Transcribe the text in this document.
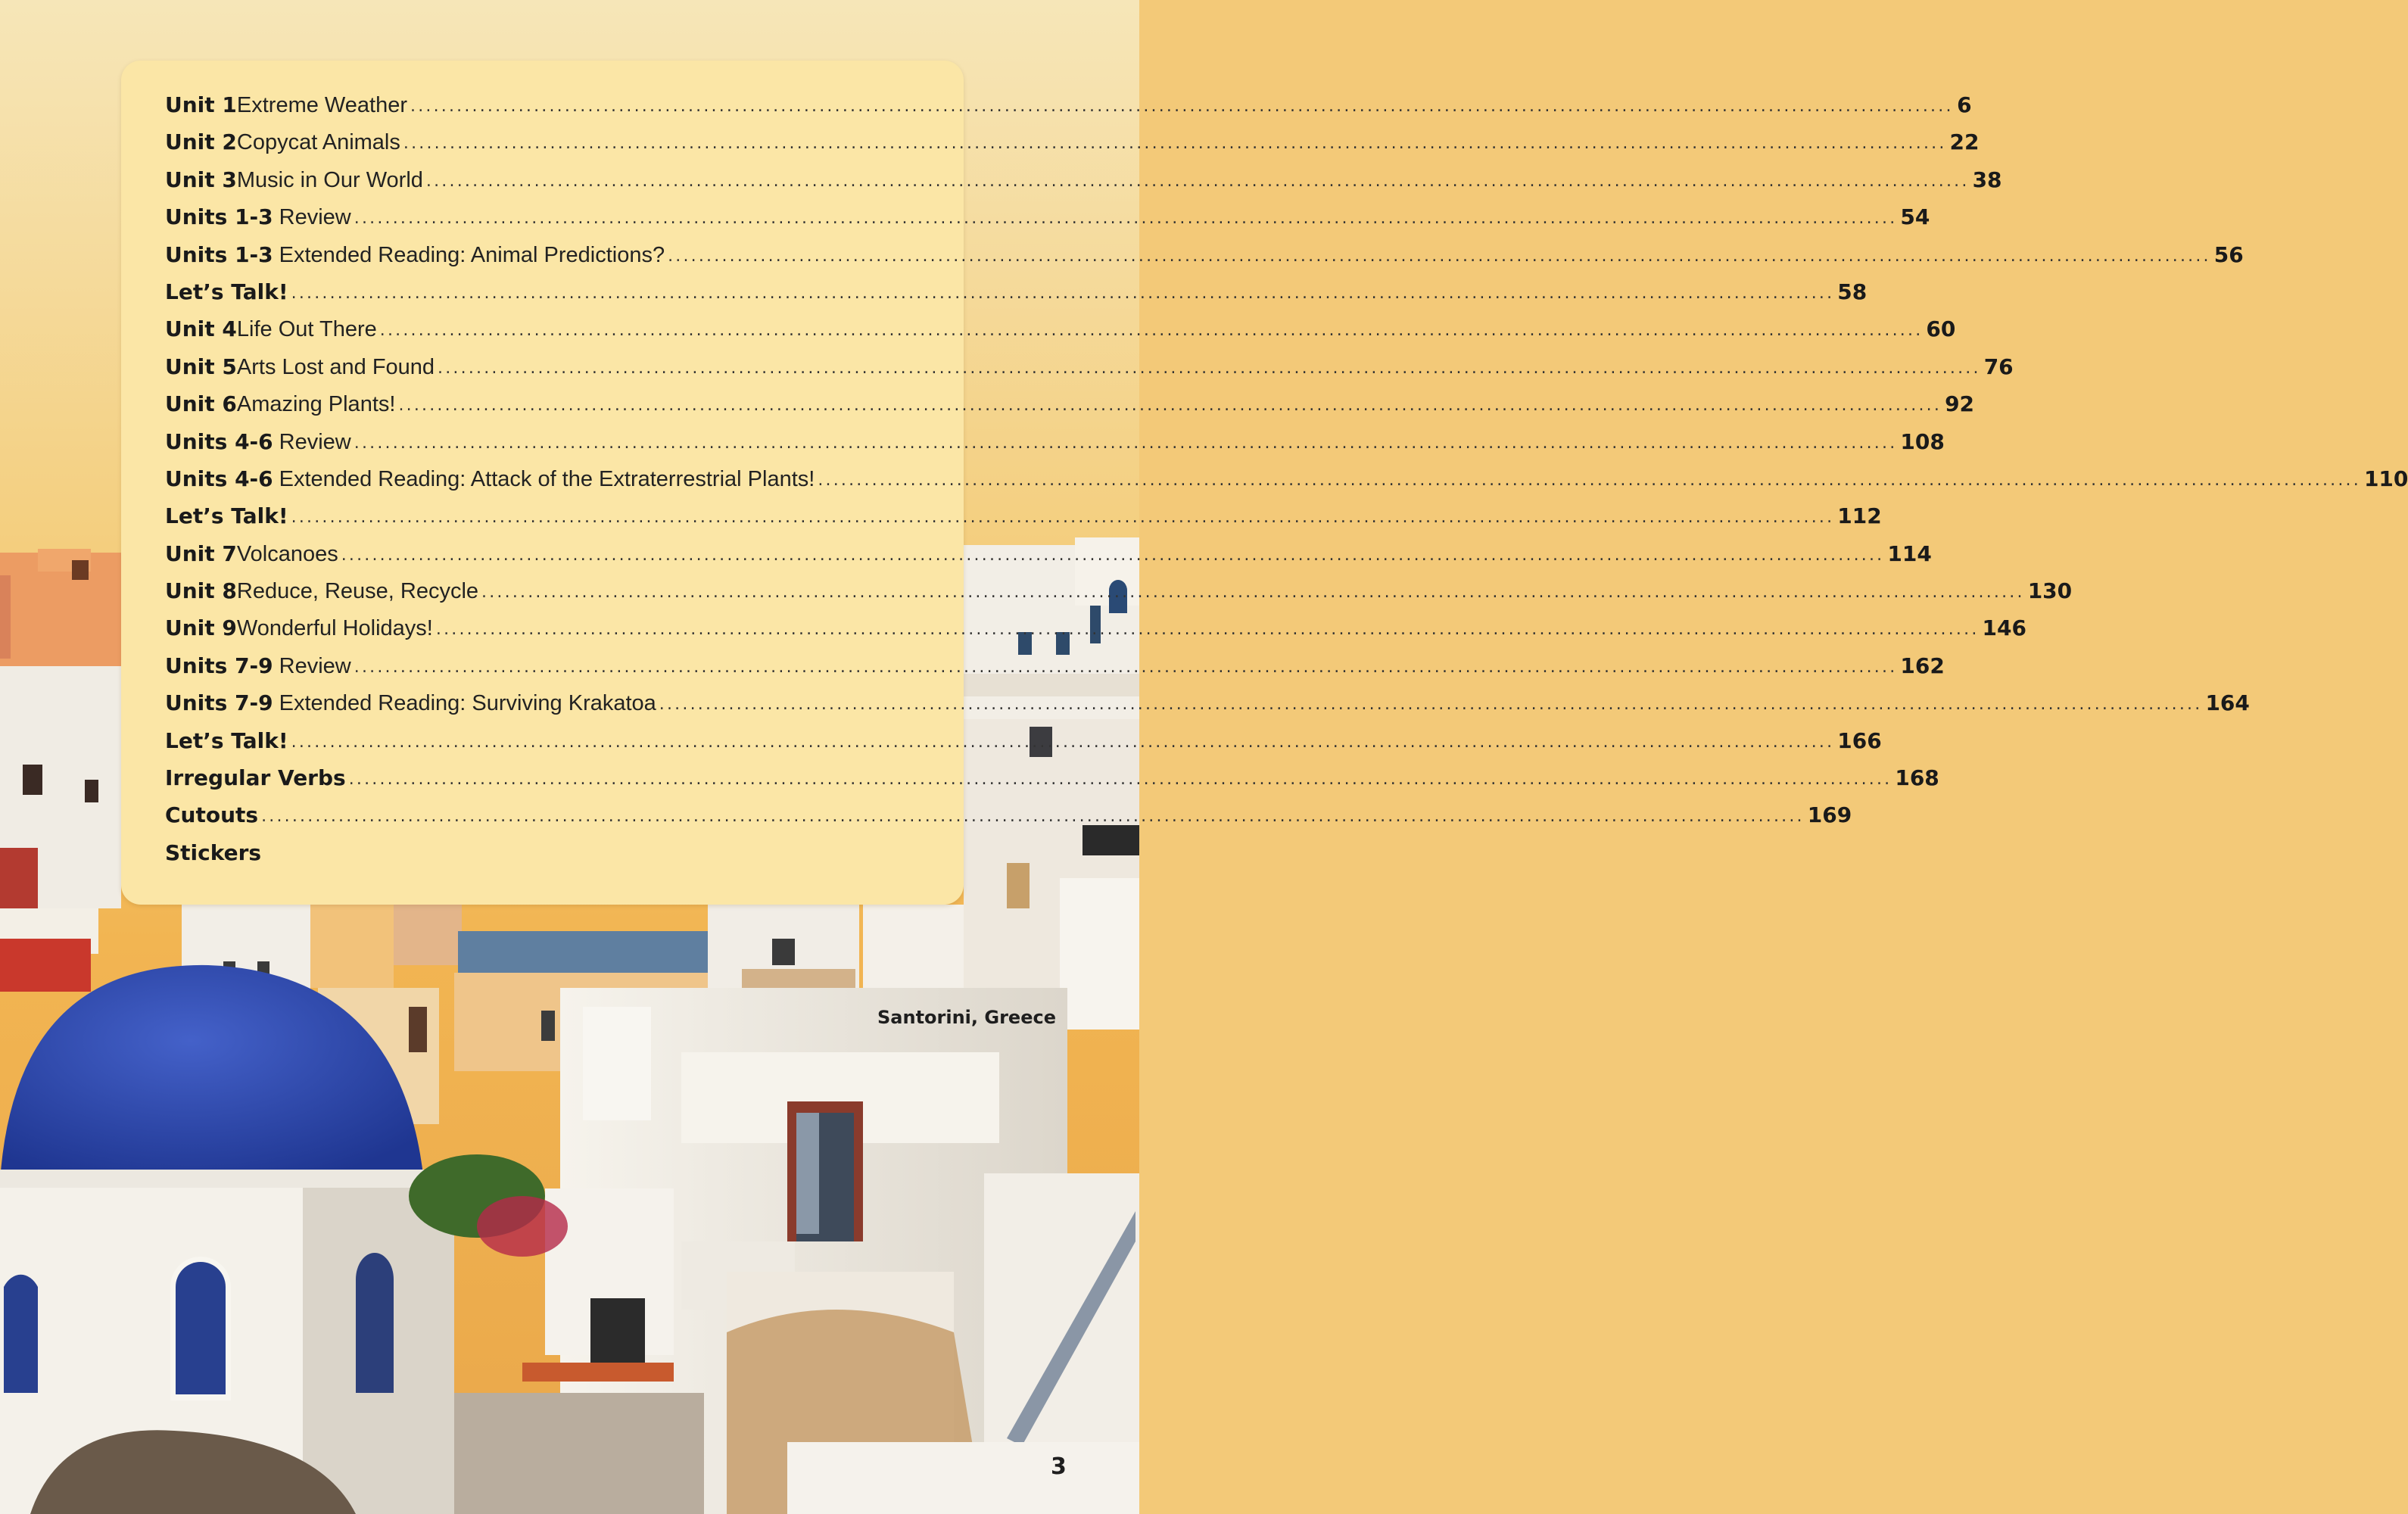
Unit 1 Extreme Weather ........................................................................................................................................................................................................ 6
Unit 2 Copycat Animals ........................................................................................................................................................................................................ 22
Unit 3 Music in Our World ........................................................................................................................................................................................................ 38
Units 1-3 Review ........................................................................................................................................................................................................ 54
Units 1-3 Extended Reading: Animal Predictions? ........................................................................................................................................................................................................ 56
Let’s Talk! ........................................................................................................................................................................................................ 58
Unit 4 Life Out There ........................................................................................................................................................................................................ 60
Unit 5 Arts Lost and Found ........................................................................................................................................................................................................ 76
Unit 6 Amazing Plants! ........................................................................................................................................................................................................ 92
Units 4-6 Review ........................................................................................................................................................................................................ 108
Units 4-6 Extended Reading: Attack of the Extraterrestrial Plants! ........................................................................................................................................................................................................ 110
Let’s Talk! ........................................................................................................................................................................................................ 112
Unit 7 Volcanoes ........................................................................................................................................................................................................ 114
Unit 8 Reduce, Reuse, Recycle ........................................................................................................................................................................................................ 130
Unit 9 Wonderful Holidays! ........................................................................................................................................................................................................ 146
Units 7-9 Review ........................................................................................................................................................................................................ 162
Units 7-9 Extended Reading: Surviving Krakatoa ........................................................................................................................................................................................................ 164
Let’s Talk! ........................................................................................................................................................................................................ 166
Irregular Verbs ........................................................................................................................................................................................................ 168
Cutouts ........................................................................................................................................................................................................ 169
Stickers
Santorini, Greece
3
